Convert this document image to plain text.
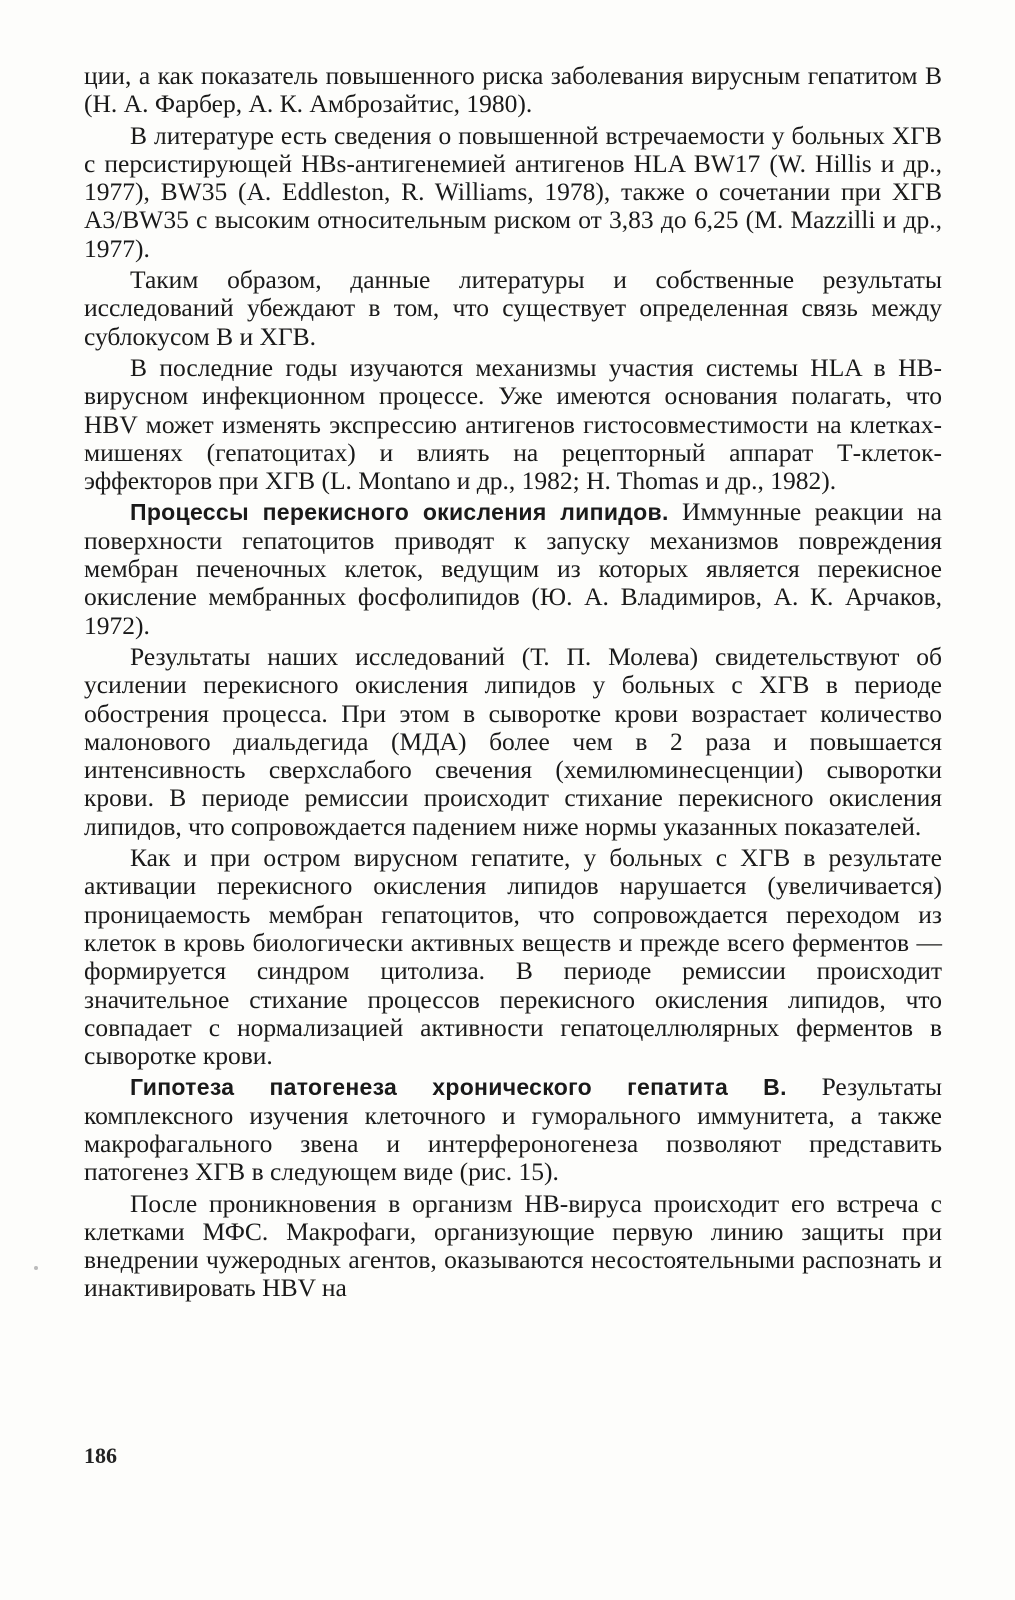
ции, а как показатель повышенного риска заболевания вирусным гепатитом В (Н. А. Фарбер, А. К. Амброзайтис, 1980).

В литературе есть сведения о повышенной встречаемости у больных ХГВ с персистирующей HBs-антигенемией антигенов HLA BW17 (W. Hillis и др., 1977), BW35 (A. Eddleston, R. Williams, 1978), также о сочетании при ХГВ А3/BW35 с высоким относительным риском от 3,83 до 6,25 (M. Mazzilli и др., 1977).

Таким образом, данные литературы и собственные результаты исследований убеждают в том, что существует определенная связь между сублокусом В и ХГВ.

В последние годы изучаются механизмы участия системы HLA в НВ-вирусном инфекционном процессе. Уже имеются основания полагать, что HBV может изменять экспрессию антигенов гистосовместимости на клетках-мишенях (гепатоцитах) и влиять на рецепторный аппарат Т-клеток-эффекторов при ХГВ (L. Montano и др., 1982; H. Thomas и др., 1982).

Процессы перекисного окисления липидов. Иммунные реакции на поверхности гепатоцитов приводят к запуску механизмов повреждения мембран печеночных клеток, ведущим из которых является перекисное окисление мембранных фосфолипидов (Ю. А. Владимиров, А. К. Арчаков, 1972).

Результаты наших исследований (Т. П. Молева) свидетельствуют об усилении перекисного окисления липидов у больных с ХГВ в периоде обострения процесса. При этом в сыворотке крови возрастает количество малонового диальдегида (МДА) более чем в 2 раза и повышается интенсивность сверхслабого свечения (хемилюминесценции) сыворотки крови. В периоде ремиссии происходит стихание перекисного окисления липидов, что сопровождается падением ниже нормы указанных показателей.

Как и при остром вирусном гепатите, у больных с ХГВ в результате активации перекисного окисления липидов нарушается (увеличивается) проницаемость мембран гепатоцитов, что сопровождается переходом из клеток в кровь биологически активных веществ и прежде всего ферментов — формируется синдром цитолиза. В периоде ремиссии происходит значительное стихание процессов перекисного окисления липидов, что совпадает с нормализацией активности гепатоцеллюлярных ферментов в сыворотке крови.

Гипотеза патогенеза хронического гепатита В. Результаты комплексного изучения клеточного и гуморального иммунитета, а также макрофагального звена и интерфероногенеза позволяют представить патогенез ХГВ в следующем виде (рис. 15).

После проникновения в организм НВ-вируса происходит его встреча с клетками МФС. Макрофаги, организующие первую линию защиты при внедрении чужеродных агентов, оказываются несостоятельными распознать и инактивировать HBV на

186
